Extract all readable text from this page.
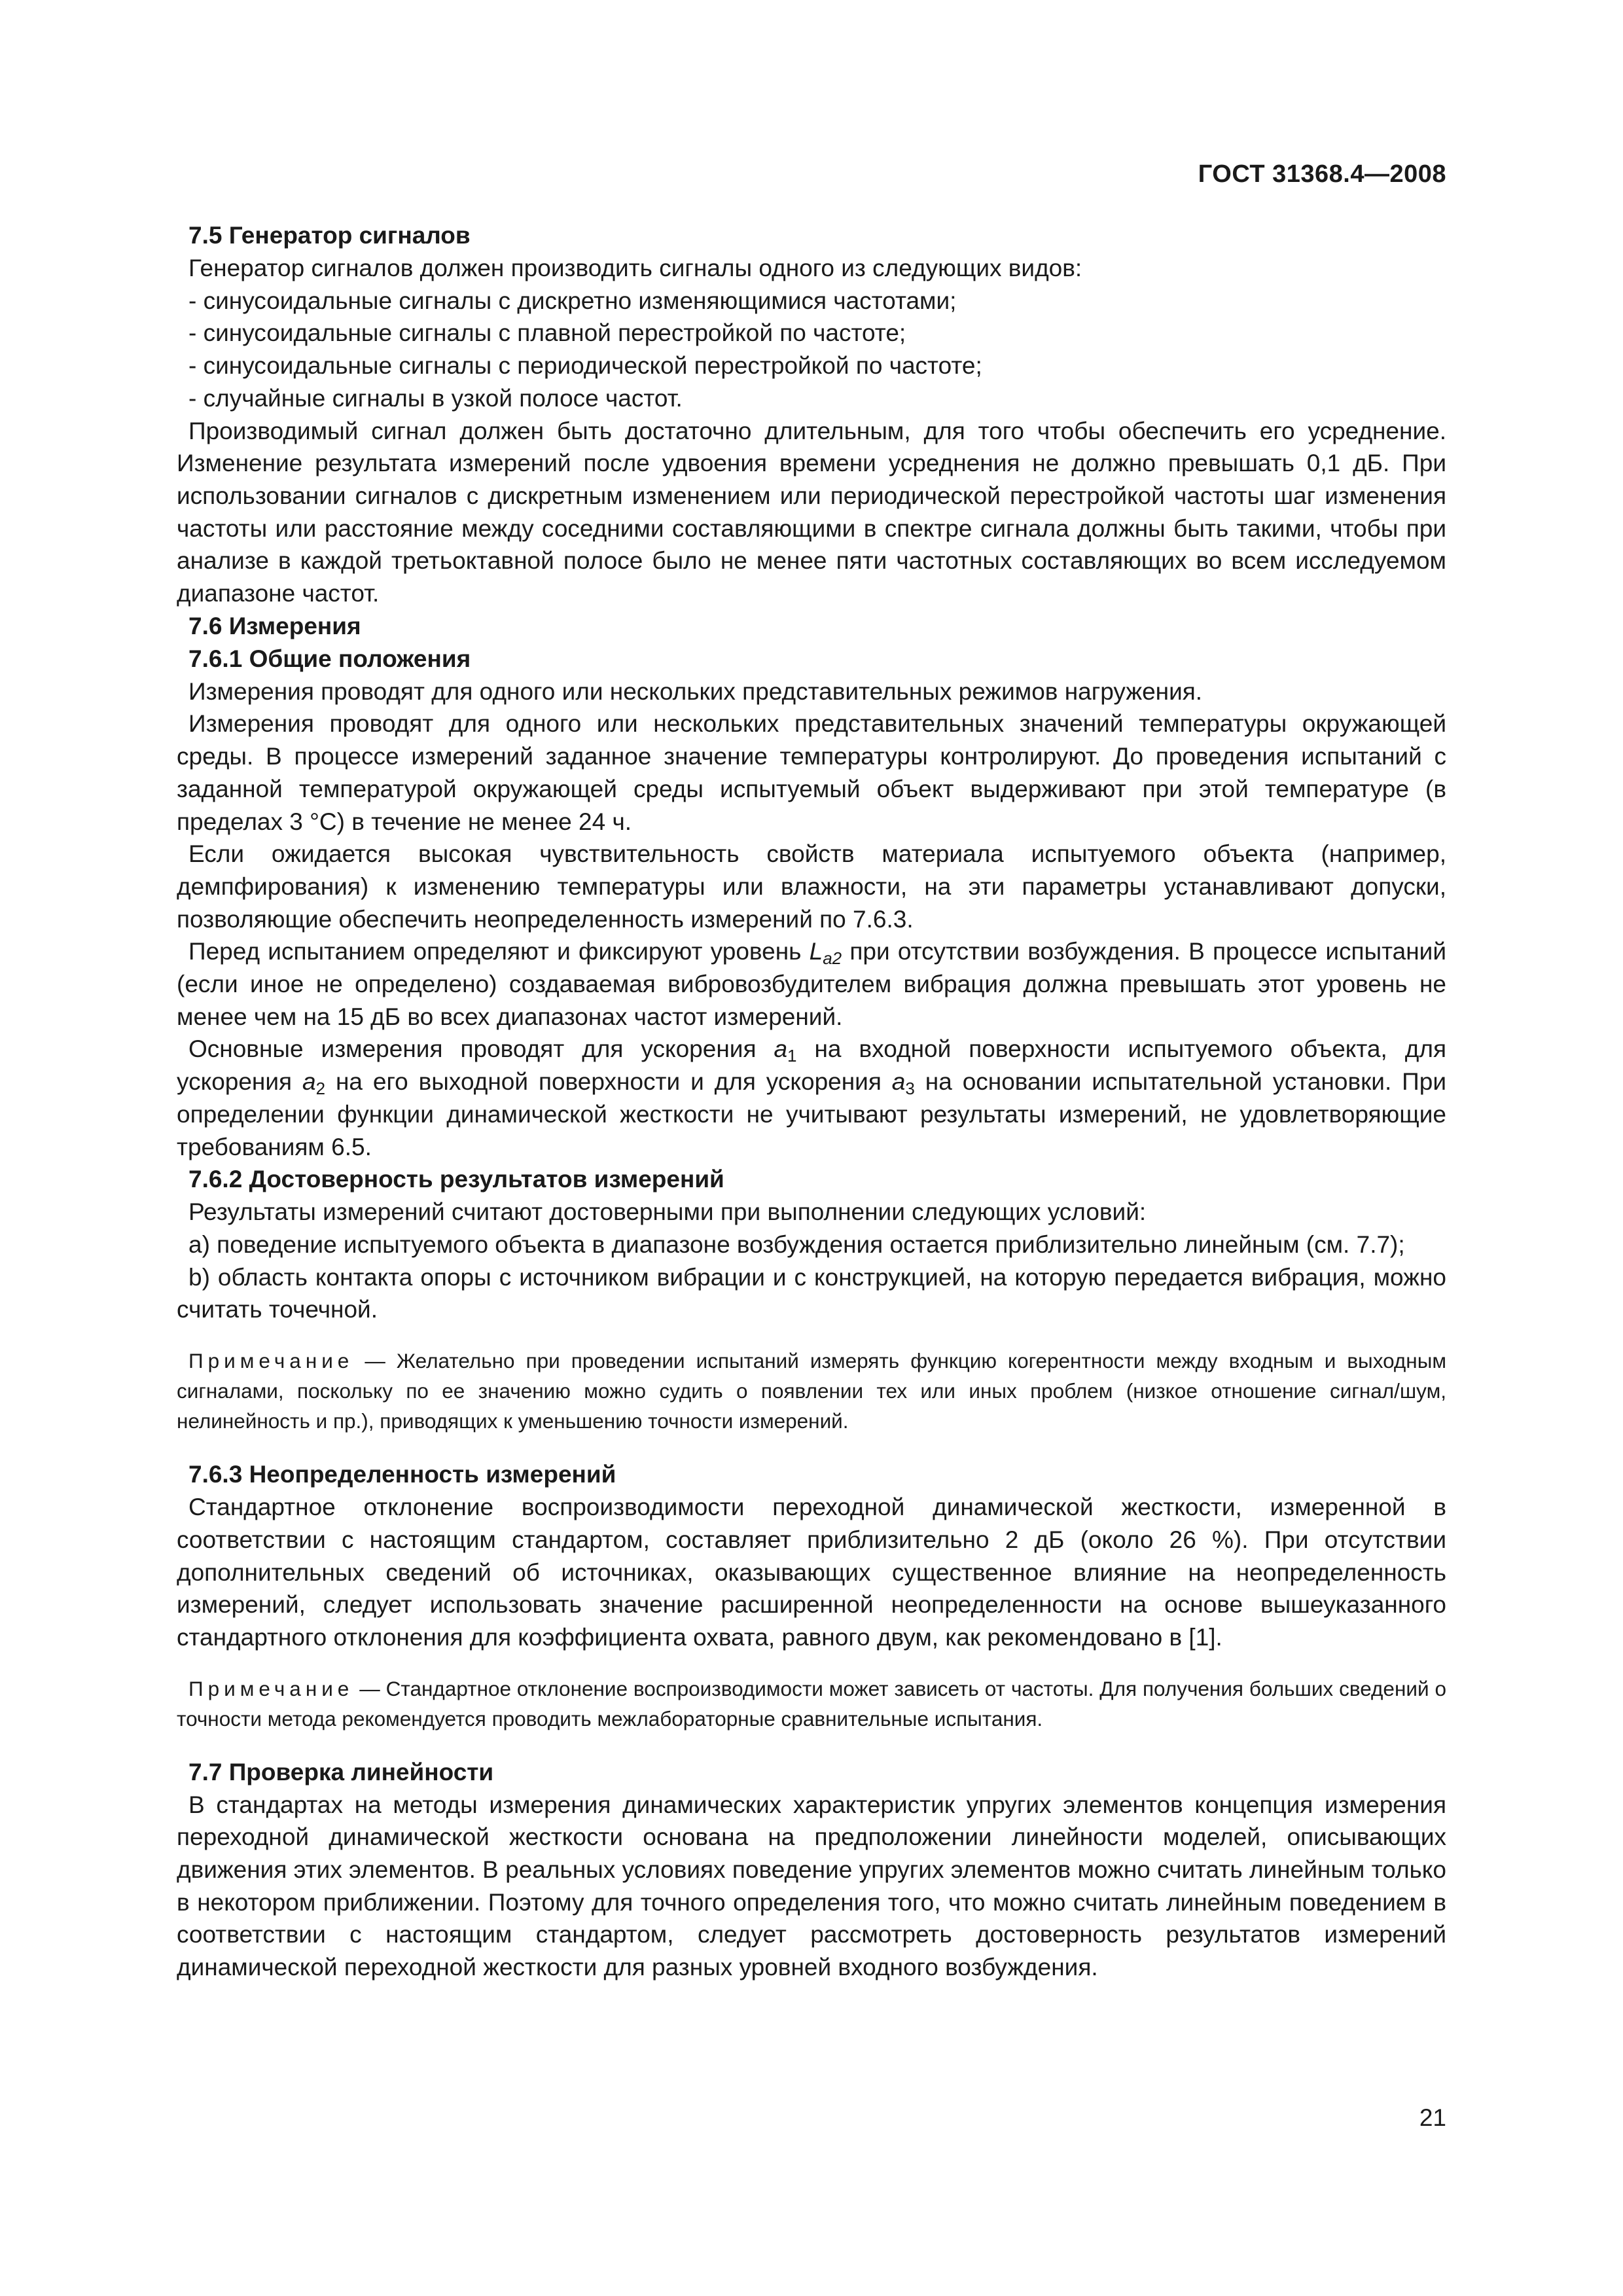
ГОСТ 31368.4—2008

7.5 Генератор сигналов

Генератор сигналов должен производить сигналы одного из следующих видов:

- синусоидальные сигналы с дискретно изменяющимися частотами;

- синусоидальные сигналы с плавной перестройкой по частоте;

- синусоидальные сигналы с периодической перестройкой по частоте;

- случайные сигналы в узкой полосе частот.

Производимый сигнал должен быть достаточно длительным, для того чтобы обеспечить его усреднение. Изменение результата измерений после удвоения времени усреднения не должно превышать 0,1 дБ. При использовании сигналов с дискретным изменением или периодической перестройкой частоты шаг изменения частоты или расстояние между соседними составляющими в спектре сигнала должны быть такими, чтобы при анализе в каждой третьоктавной полосе было не менее пяти частотных составляющих во всем исследуемом диапазоне частот.

7.6 Измерения

7.6.1 Общие положения

Измерения проводят для одного или нескольких представительных режимов нагружения.

Измерения проводят для одного или нескольких представительных значений температуры окружающей среды. В процессе измерений заданное значение температуры контролируют. До проведения испытаний с заданной температурой окружающей среды испытуемый объект выдерживают при этой температуре (в пределах 3 °С) в течение не менее 24 ч.

Если ожидается высокая чувствительность свойств материала испытуемого объекта (например, демпфирования) к изменению температуры или влажности, на эти параметры устанавливают допуски, позволяющие обеспечить неопределенность измерений по 7.6.3.

Перед испытанием определяют и фиксируют уровень $L_{a2}$ при отсутствии возбуждения. В процессе испытаний (если иное не определено) создаваемая вибровозбудителем вибрация должна превышать этот уровень не менее чем на 15 дБ во всех диапазонах частот измерений.

Основные измерения проводят для ускорения $a_1$ на входной поверхности испытуемого объекта, для ускорения $a_2$ на его выходной поверхности и для ускорения $a_3$ на основании испытательной установки. При определении функции динамической жесткости не учитывают результаты измерений, не удовлетворяющие требованиям 6.5.

7.6.2 Достоверность результатов измерений

Результаты измерений считают достоверными при выполнении следующих условий:

а) поведение испытуемого объекта в диапазоне возбуждения остается приблизительно линейным (см. 7.7);

b) область контакта опоры с источником вибрации и с конструкцией, на которую передается вибрация, можно считать точечной.

Примечание — Желательно при проведении испытаний измерять функцию когерентности между входным и выходным сигналами, поскольку по ее значению можно судить о появлении тех или иных проблем (низкое отношение сигнал/шум, нелинейность и пр.), приводящих к уменьшению точности измерений.

7.6.3 Неопределенность измерений

Стандартное отклонение воспроизводимости переходной динамической жесткости, измеренной в соответствии с настоящим стандартом, составляет приблизительно 2 дБ (около 26 %). При отсутствии дополнительных сведений об источниках, оказывающих существенное влияние на неопределенность измерений, следует использовать значение расширенной неопределенности на основе вышеуказанного стандартного отклонения для коэффициента охвата, равного двум, как рекомендовано в [1].

Примечание — Стандартное отклонение воспроизводимости может зависеть от частоты. Для получения больших сведений о точности метода рекомендуется проводить межлабораторные сравнительные испытания.

7.7 Проверка линейности

В стандартах на методы измерения динамических характеристик упругих элементов концепция измерения переходной динамической жесткости основана на предположении линейности моделей, описывающих движения этих элементов. В реальных условиях поведение упругих элементов можно считать линейным только в некотором приближении. Поэтому для точного определения того, что можно считать линейным поведением в соответствии с настоящим стандартом, следует рассмотреть достоверность результатов измерений динамической переходной жесткости для разных уровней входного возбуждения.

21
